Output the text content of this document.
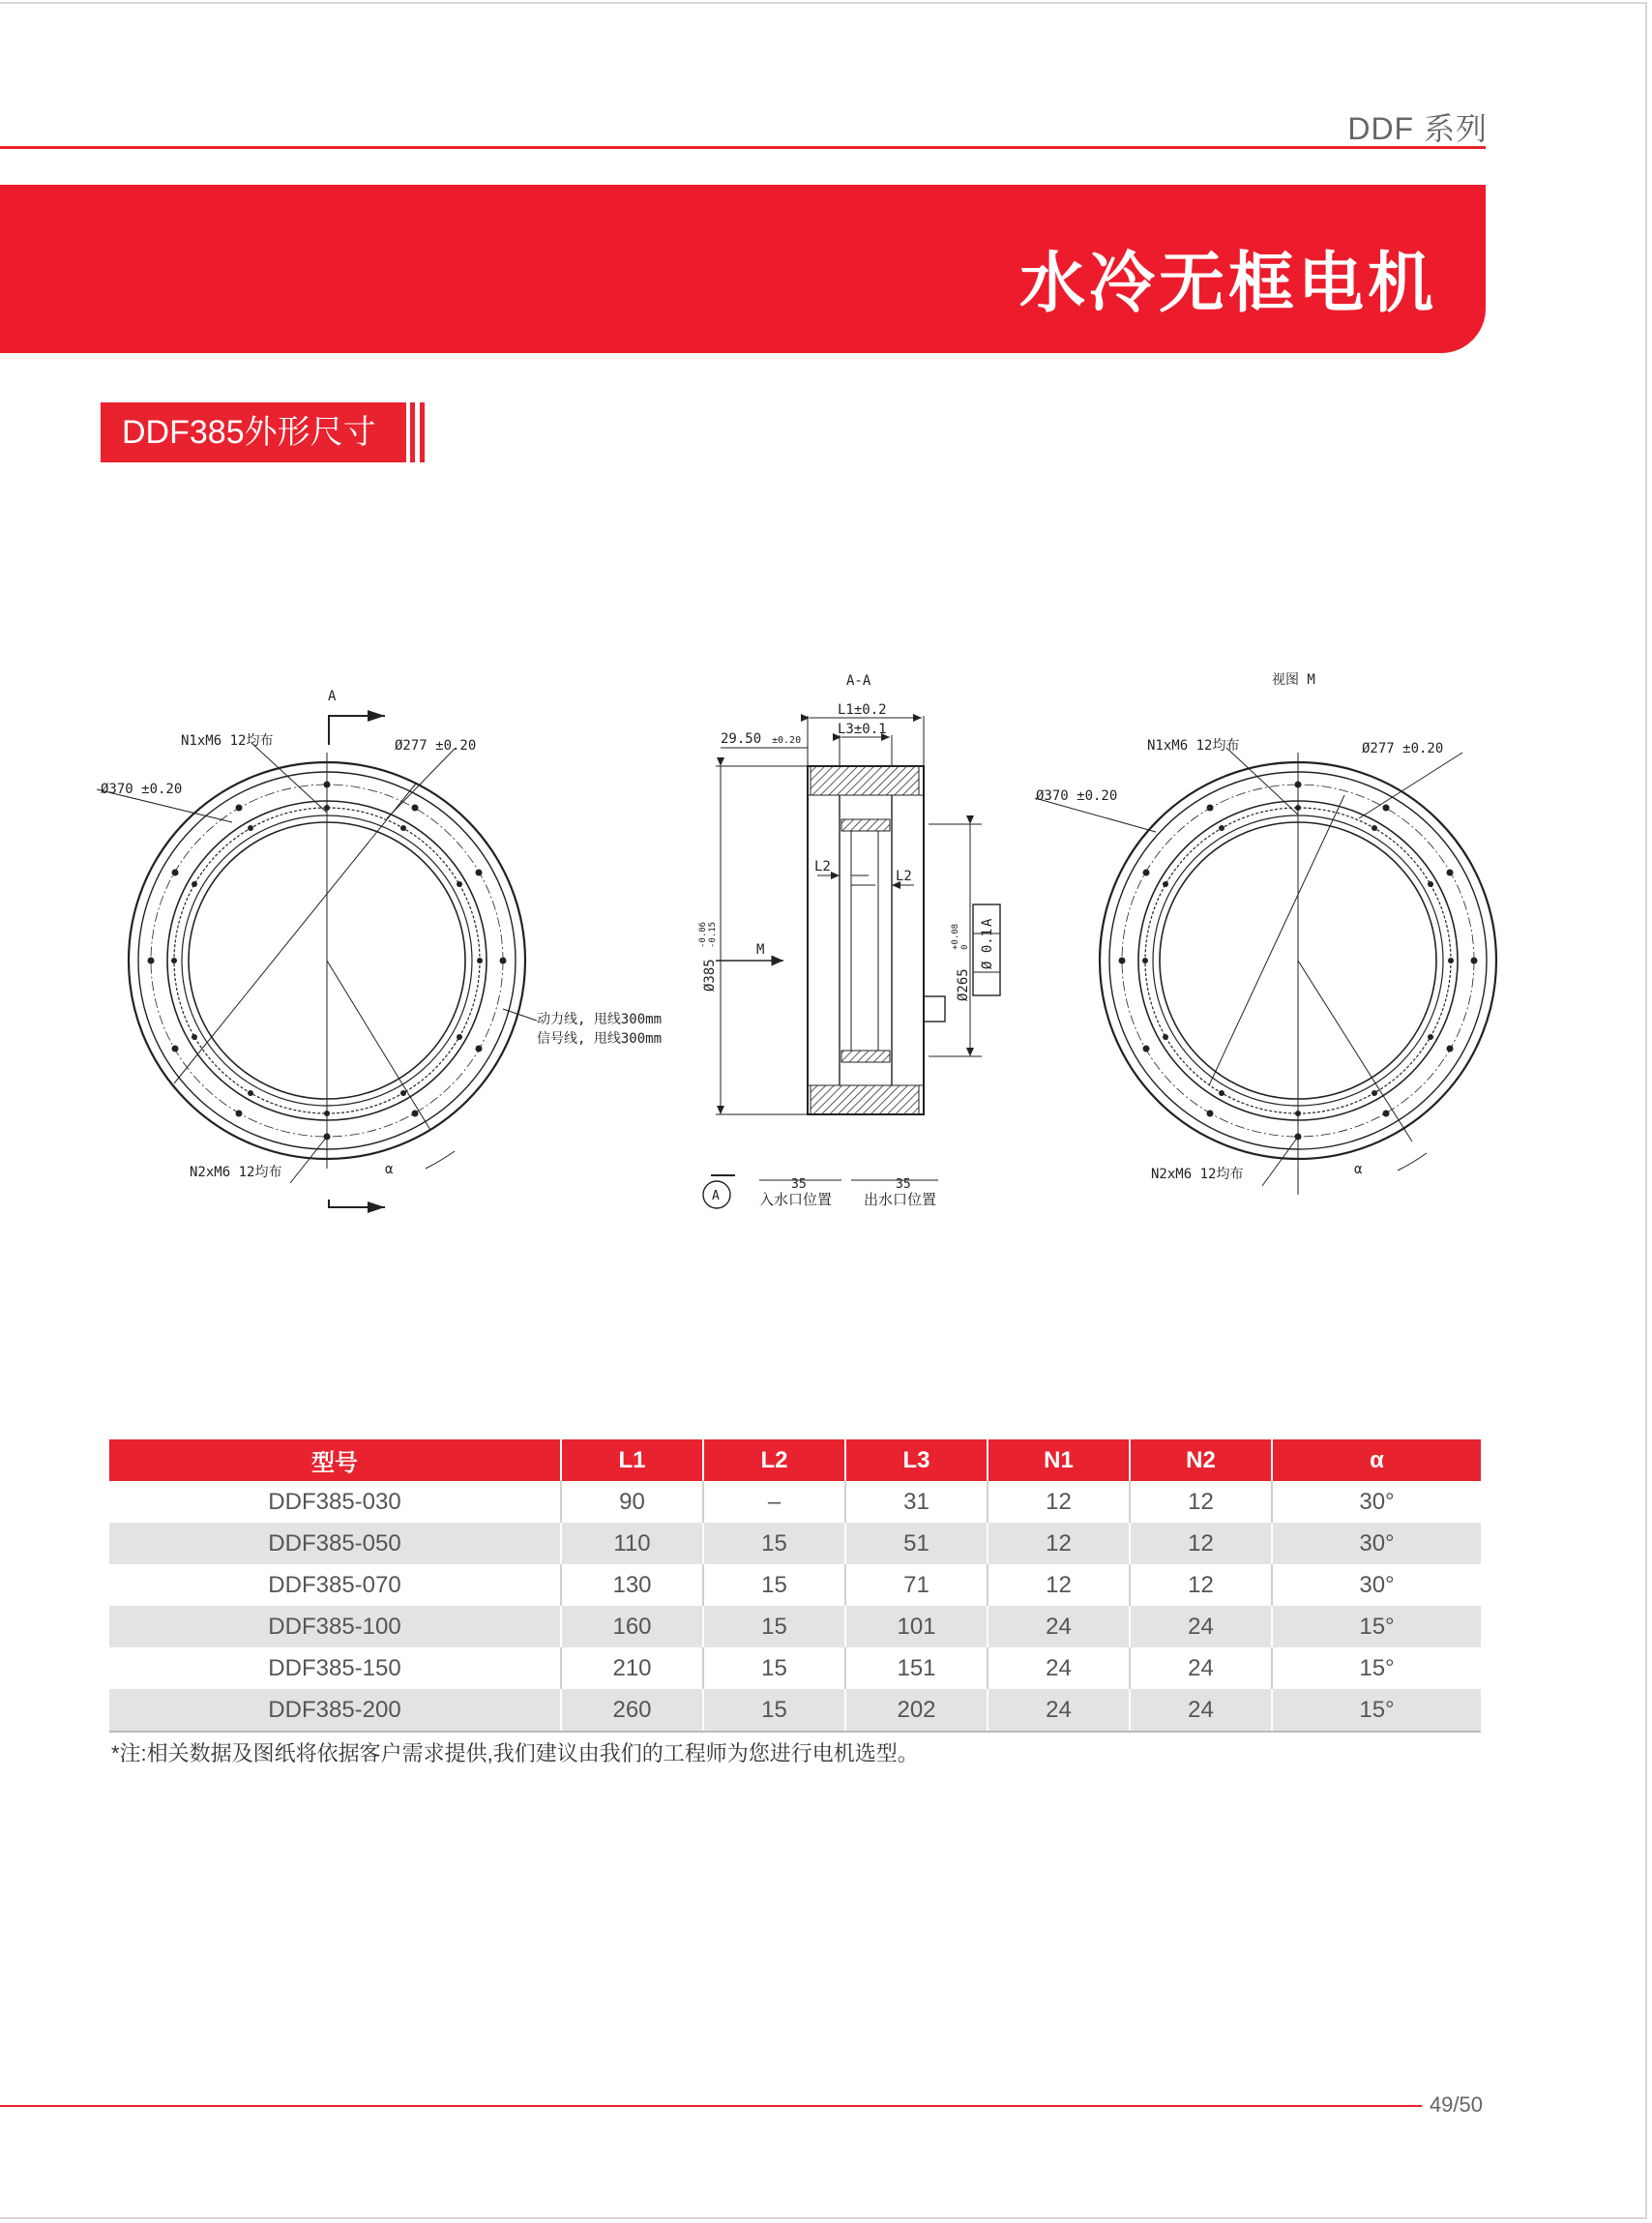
DDF 系列
水冷无框电机
DDF385外形尺寸
A
N1xM6 12均布	Ø277 ±0.20
Ø370 ±0.20
动力线, 甩线300mm
信号线, 甩线300mm
N2xM6 12均布	α
A-A
L1±0.2
L3±0.1
29.50 ±0.20
L2
L2
M
Ø385
-0.06 -0.15
Ø265
+0.08 0 Ø 0.1
A
A
35	35
入水口位置 出水口位置
视图 M
N1xM6 12均布	Ø277 ±0.20
Ø370 ±0.20
N2xM6 12均布	α
型号	L1	L2	L3	N1	N2	α
DDF385-030	90	–	31	12	12	30°
DDF385-050	110	15	51	12	12	30°
DDF385-070	130	15	71	12	12	30°
DDF385-100	160	15	101	24	24	15°
DDF385-150	210	15	151	24	24	15°
DDF385-200	260	15	202	24	24	15°
*注:相关数据及图纸将依据客户需求提供,我们建议由我们的工程师为您进行电机选型。
49/50
